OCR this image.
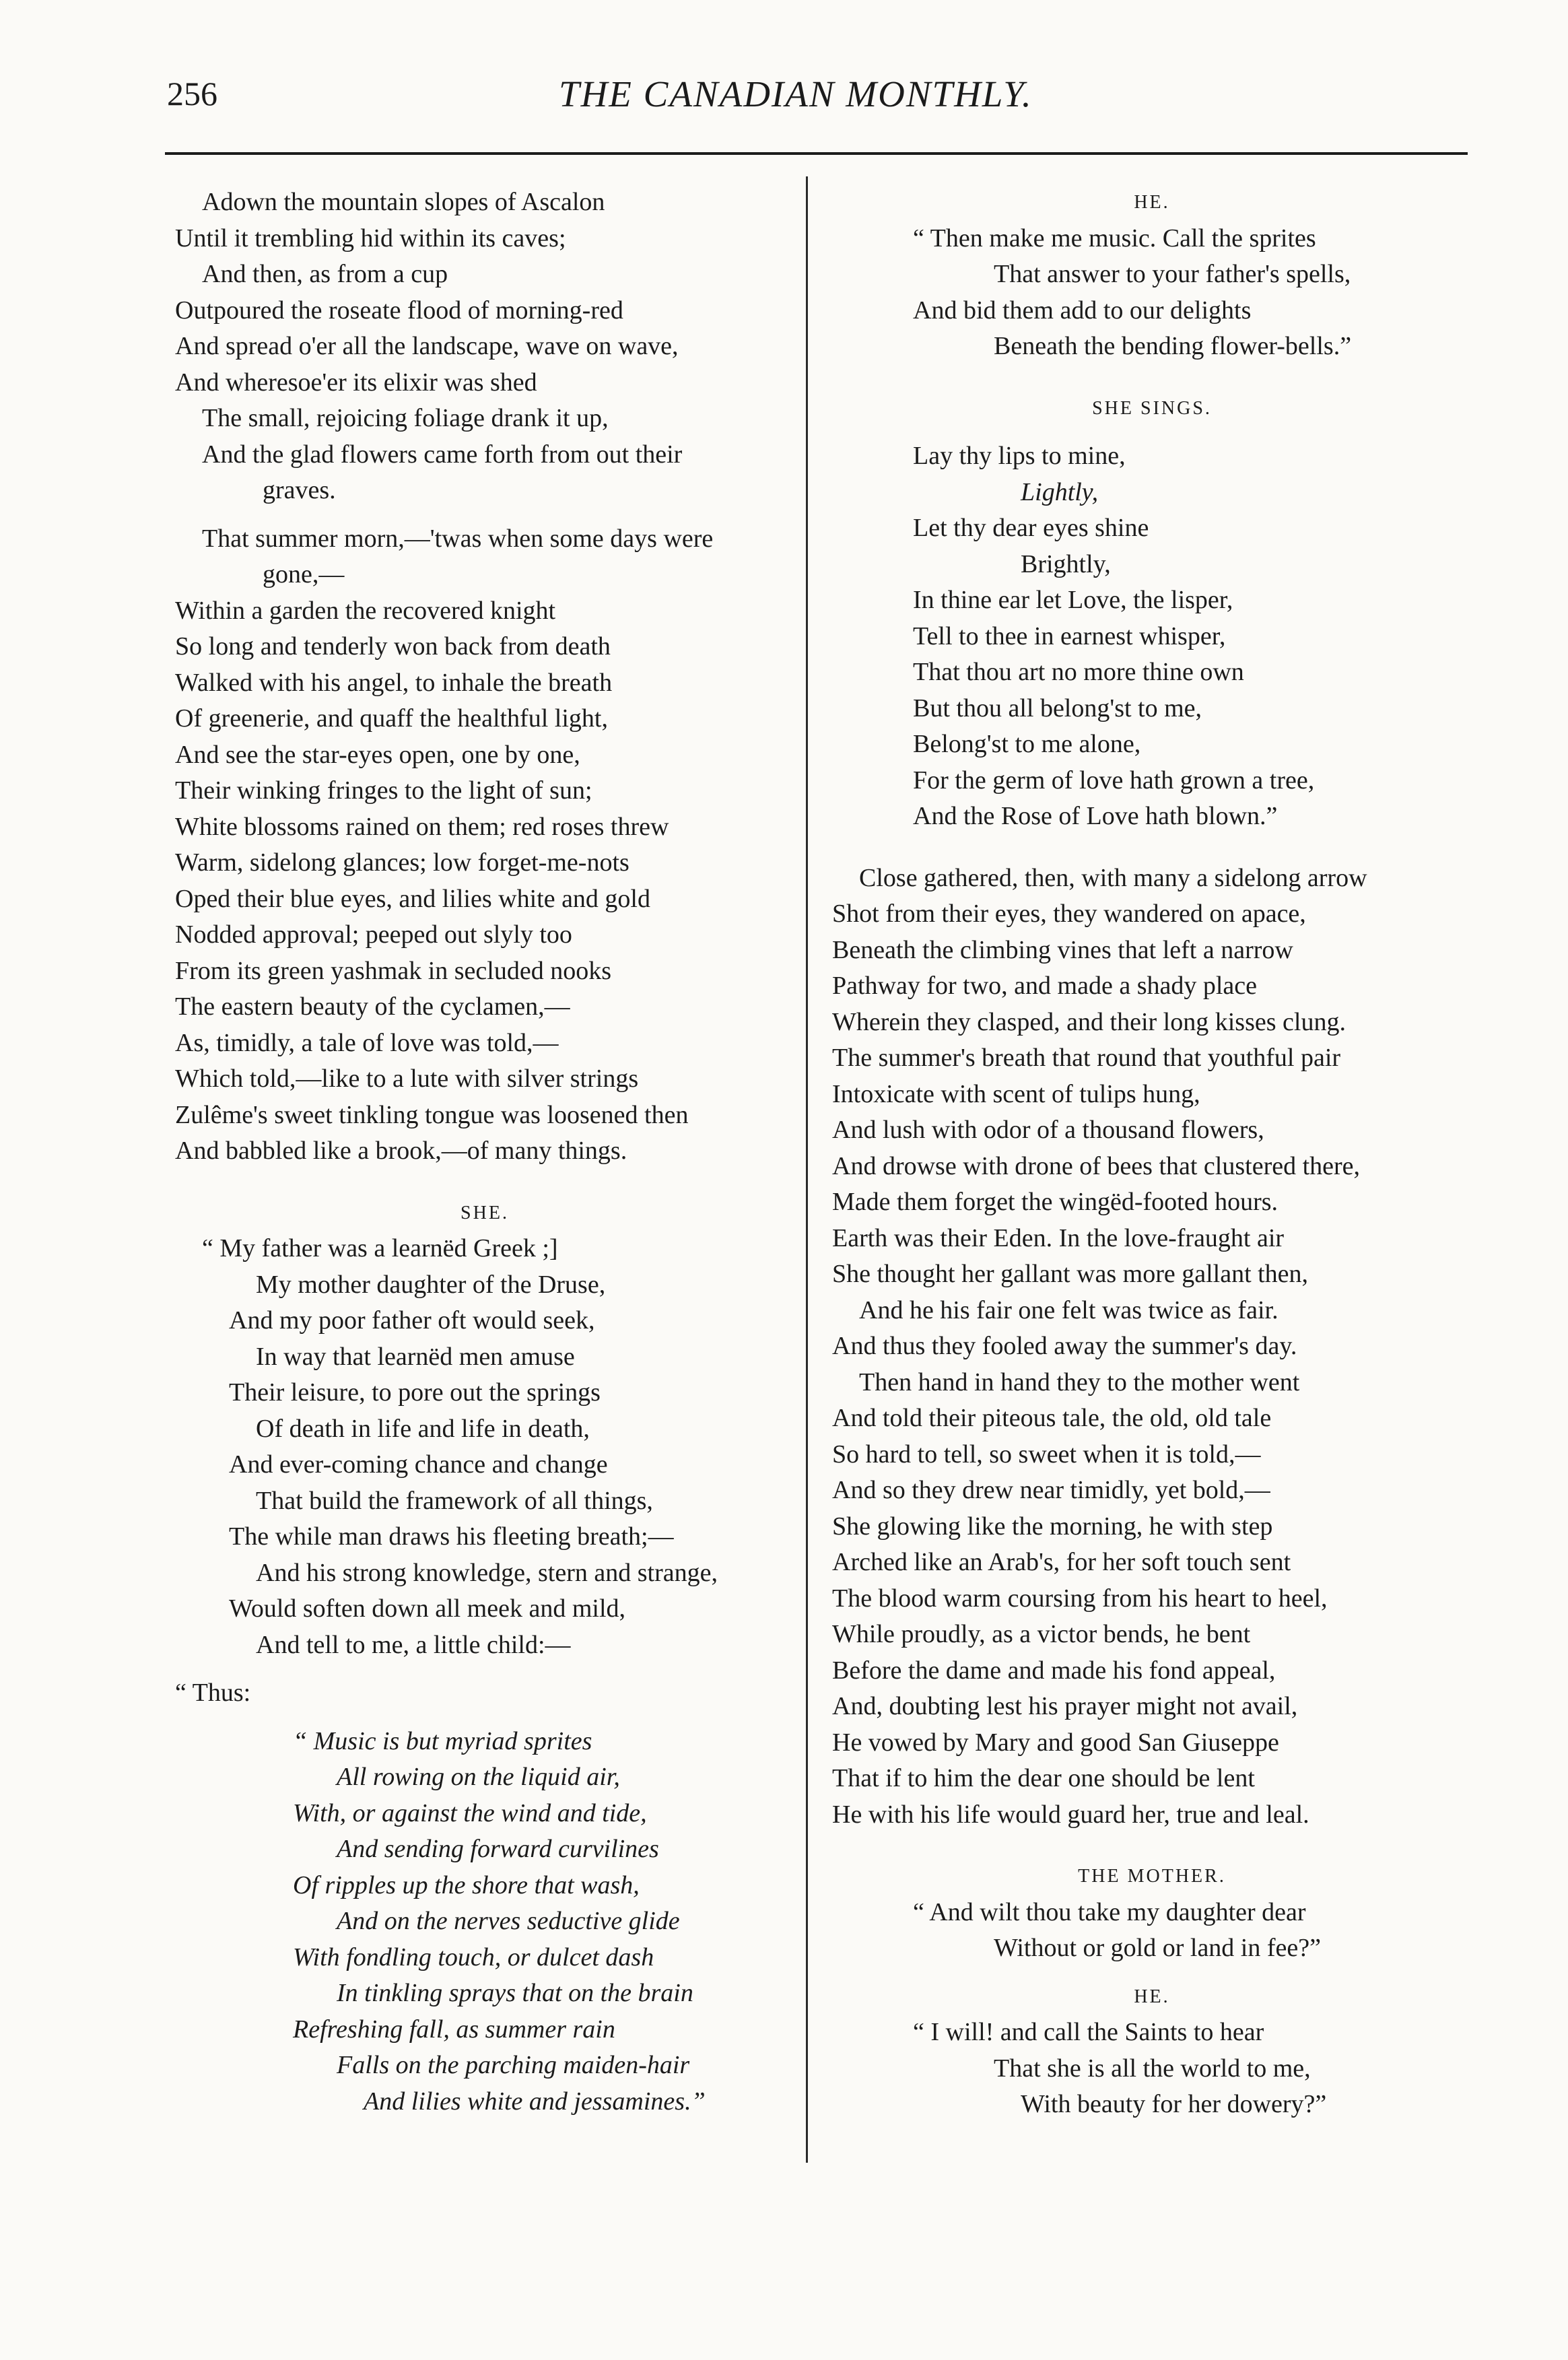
256	THE CANADIAN MONTHLY.
Adown the mountain slopes of Ascalon
Until it trembling hid within its caves;
And then, as from a cup
Outpoured the roseate flood of morning-red
And spread o'er all the landscape, wave on wave,
And wheresoe'er its elixir was shed
The small, rejoicing foliage drank it up,
And the glad flowers came forth from out their
graves.
That summer morn,—'twas when some days were
gone,—
Within a garden the recovered knight
So long and tenderly won back from death
Walked with his angel, to inhale the breath
Of greenerie, and quaff the healthful light,
And see the star-eyes open, one by one,
Their winking fringes to the light of sun;
White blossoms rained on them; red roses threw
Warm, sidelong glances; low forget-me-nots
Oped their blue eyes, and lilies white and gold
Nodded approval; peeped out slyly too
From its green yashmak in secluded nooks
The eastern beauty of the cyclamen,—
As, timidly, a tale of love was told,—
Which told,—like to a lute with silver strings
Zulême's sweet tinkling tongue was loosened then
And babbled like a brook,—of many things.
SHE.
“ My father was a learnëd Greek ;]
My mother daughter of the Druse,
And my poor father oft would seek,
In way that learnëd men amuse
Their leisure, to pore out the springs
Of death in life and life in death,
And ever-coming chance and change
That build the framework of all things,
The while man draws his fleeting breath;—
And his strong knowledge, stern and strange,
Would soften down all meek and mild,
And tell to me, a little child:—
“ Thus:
“ Music is but myriad sprites
All rowing on the liquid air,
With, or against the wind and tide,
And sending forward curvilines
Of ripples up the shore that wash,
And on the nerves seductive glide
With fondling touch, or dulcet dash
In tinkling sprays that on the brain
Refreshing fall, as summer rain
Falls on the parching maiden-hair
And lilies white and jessamines.”
HE.
“ Then make me music. Call the sprites
That answer to your father's spells,
And bid them add to our delights
Beneath the bending flower-bells.”
SHE SINGS.
Lay thy lips to mine,
Lightly,
Let thy dear eyes shine
Brightly,
In thine ear let Love, the lisper,
Tell to thee in earnest whisper,
That thou art no more thine own
But thou all belong'st to me,
Belong'st to me alone,
For the germ of love hath grown a tree,
And the Rose of Love hath blown.”
Close gathered, then, with many a sidelong arrow
Shot from their eyes, they wandered on apace,
Beneath the climbing vines that left a narrow
Pathway for two, and made a shady place
Wherein they clasped, and their long kisses clung.
The summer's breath that round that youthful pair
Intoxicate with scent of tulips hung,
And lush with odor of a thousand flowers,
And drowse with drone of bees that clustered there,
Made them forget the wingëd-footed hours.
Earth was their Eden. In the love-fraught air
She thought her gallant was more gallant then,
And he his fair one felt was twice as fair.
And thus they fooled away the summer's day.
Then hand in hand they to the mother went
And told their piteous tale, the old, old tale
So hard to tell, so sweet when it is told,—
And so they drew near timidly, yet bold,—
She glowing like the morning, he with step
Arched like an Arab's, for her soft touch sent
The blood warm coursing from his heart to heel,
While proudly, as a victor bends, he bent
Before the dame and made his fond appeal,
And, doubting lest his prayer might not avail,
He vowed by Mary and good San Giuseppe
That if to him the dear one should be lent
He with his life would guard her, true and leal.
THE MOTHER.
“ And wilt thou take my daughter dear
Without or gold or land in fee?”
HE.
“ I will! and call the Saints to hear
That she is all the world to me,
With beauty for her dowery?”
